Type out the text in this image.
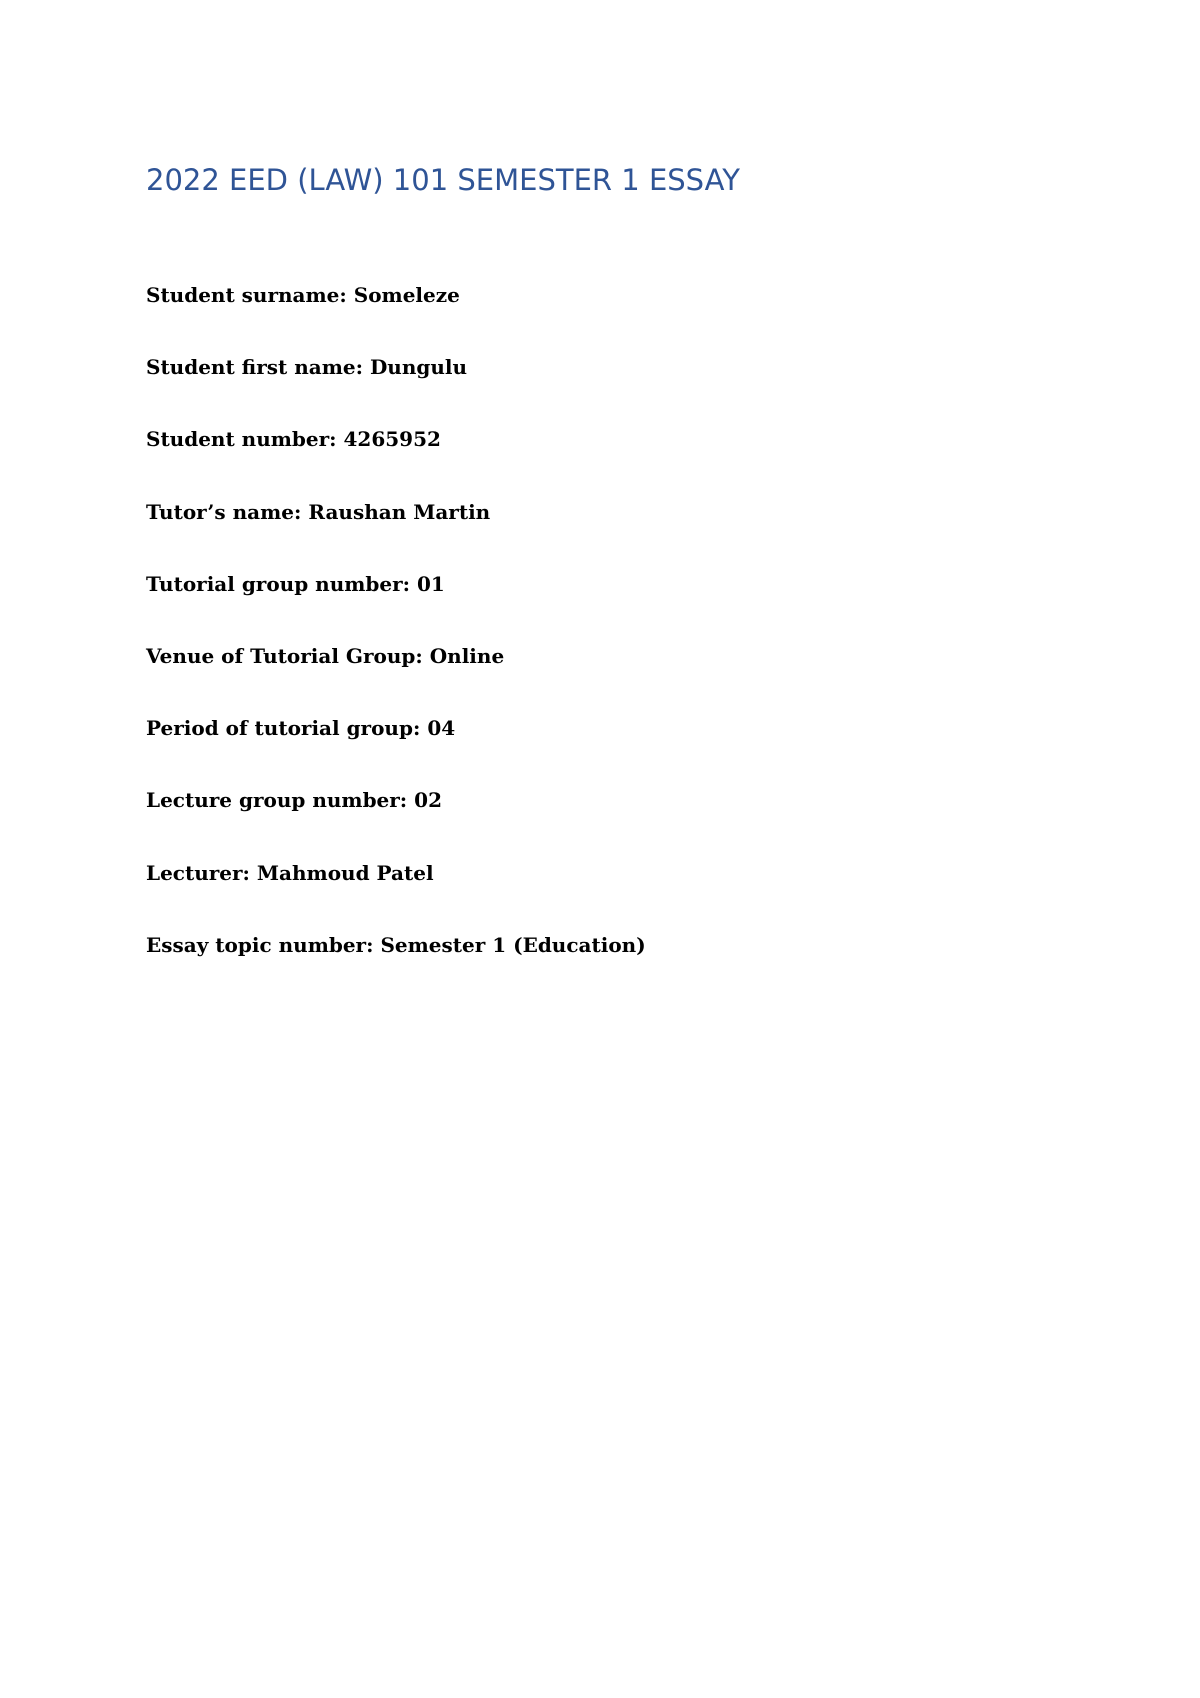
2022 EED (LAW) 101 SEMESTER 1 ESSAY
Student surname: Someleze
Student first name: Dungulu
Student number: 4265952
Tutor’s name: Raushan Martin
Tutorial group number: 01
Venue of Tutorial Group: Online
Period of tutorial group: 04
Lecture group number: 02
Lecturer: Mahmoud Patel
Essay topic number: Semester 1 (Education)
